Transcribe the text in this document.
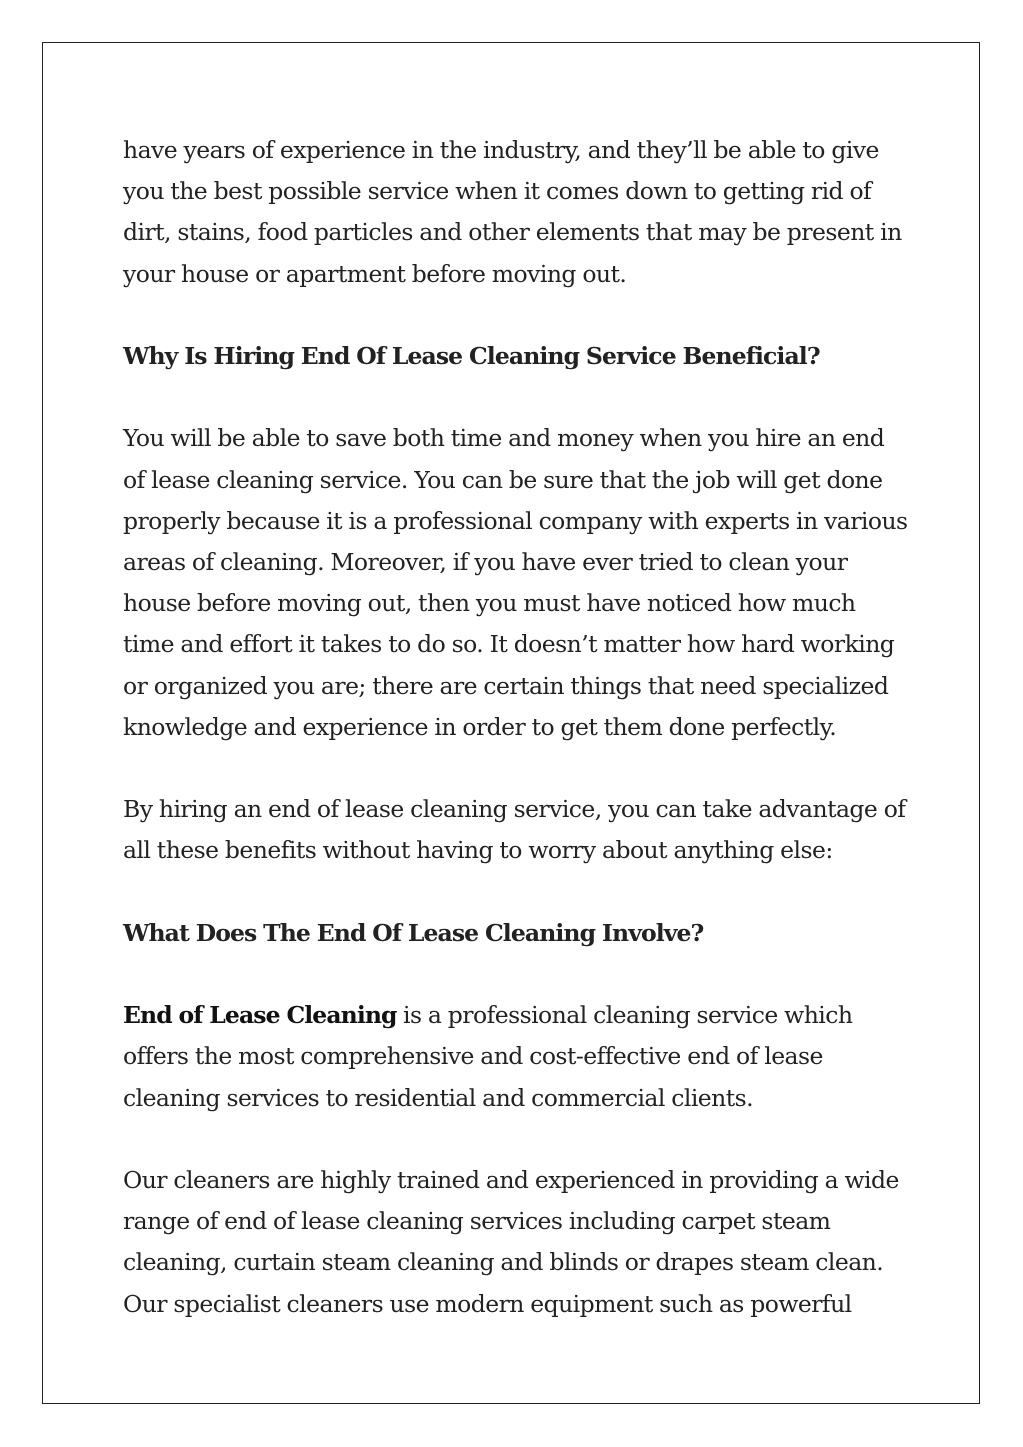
have years of experience in the industry, and they’ll be able to give
you the best possible service when it comes down to getting rid of
dirt, stains, food particles and other elements that may be present in
your house or apartment before moving out.

Why Is Hiring End Of Lease Cleaning Service Beneficial?

You will be able to save both time and money when you hire an end
of lease cleaning service. You can be sure that the job will get done
properly because it is a professional company with experts in various
areas of cleaning. Moreover, if you have ever tried to clean your
house before moving out, then you must have noticed how much
time and effort it takes to do so. It doesn’t matter how hard working
or organized you are; there are certain things that need specialized
knowledge and experience in order to get them done perfectly.

By hiring an end of lease cleaning service, you can take advantage of
all these benefits without having to worry about anything else:

What Does The End Of Lease Cleaning Involve?

End of Lease Cleaning is a professional cleaning service which
offers the most comprehensive and cost-effective end of lease
cleaning services to residential and commercial clients.

Our cleaners are highly trained and experienced in providing a wide
range of end of lease cleaning services including carpet steam
cleaning, curtain steam cleaning and blinds or drapes steam clean.
Our specialist cleaners use modern equipment such as powerful
